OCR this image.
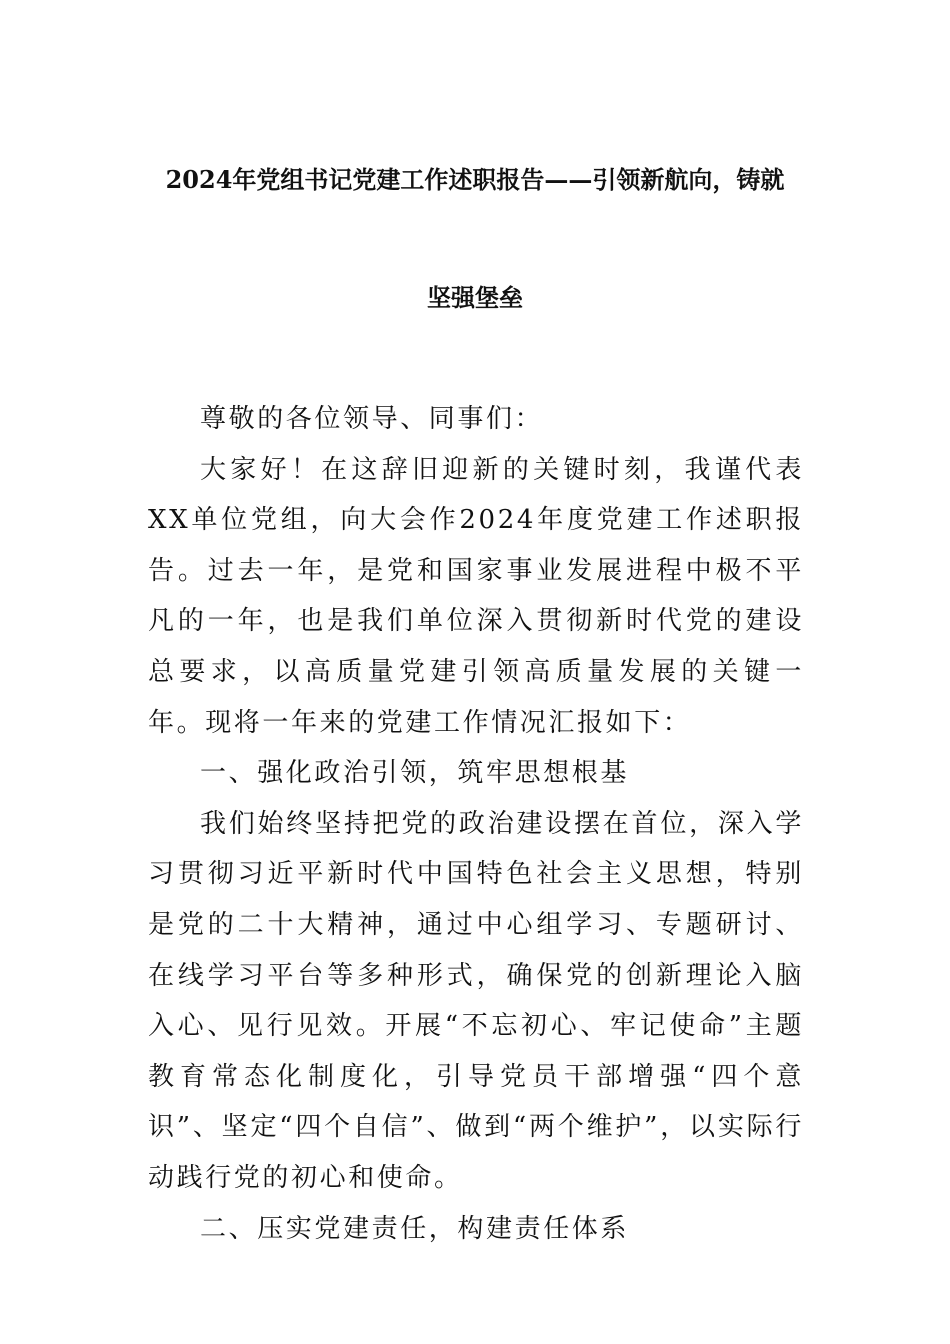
2024年党组书记党建工作述职报告——引领新航向，铸就
坚强堡垒

尊敬的各位领导、同事们：

大家好！在这辞旧迎新的关键时刻，我谨代表XX单位党组，向大会作2024年度党建工作述职报告。过去一年，是党和国家事业发展进程中极不平凡的一年，也是我们单位深入贯彻新时代党的建设总要求，以高质量党建引领高质量发展的关键一年。现将一年来的党建工作情况汇报如下：

一、强化政治引领，筑牢思想根基

我们始终坚持把党的政治建设摆在首位，深入学习贯彻习近平新时代中国特色社会主义思想，特别是党的二十大精神，通过中心组学习、专题研讨、在线学习平台等多种形式，确保党的创新理论入脑入心、见行见效。开展“不忘初心、牢记使命”主题教育常态化制度化，引导党员干部增强“四个意识”、坚定“四个自信”、做到“两个维护”，以实际行动践行党的初心和使命。

二、压实党建责任，构建责任体系
